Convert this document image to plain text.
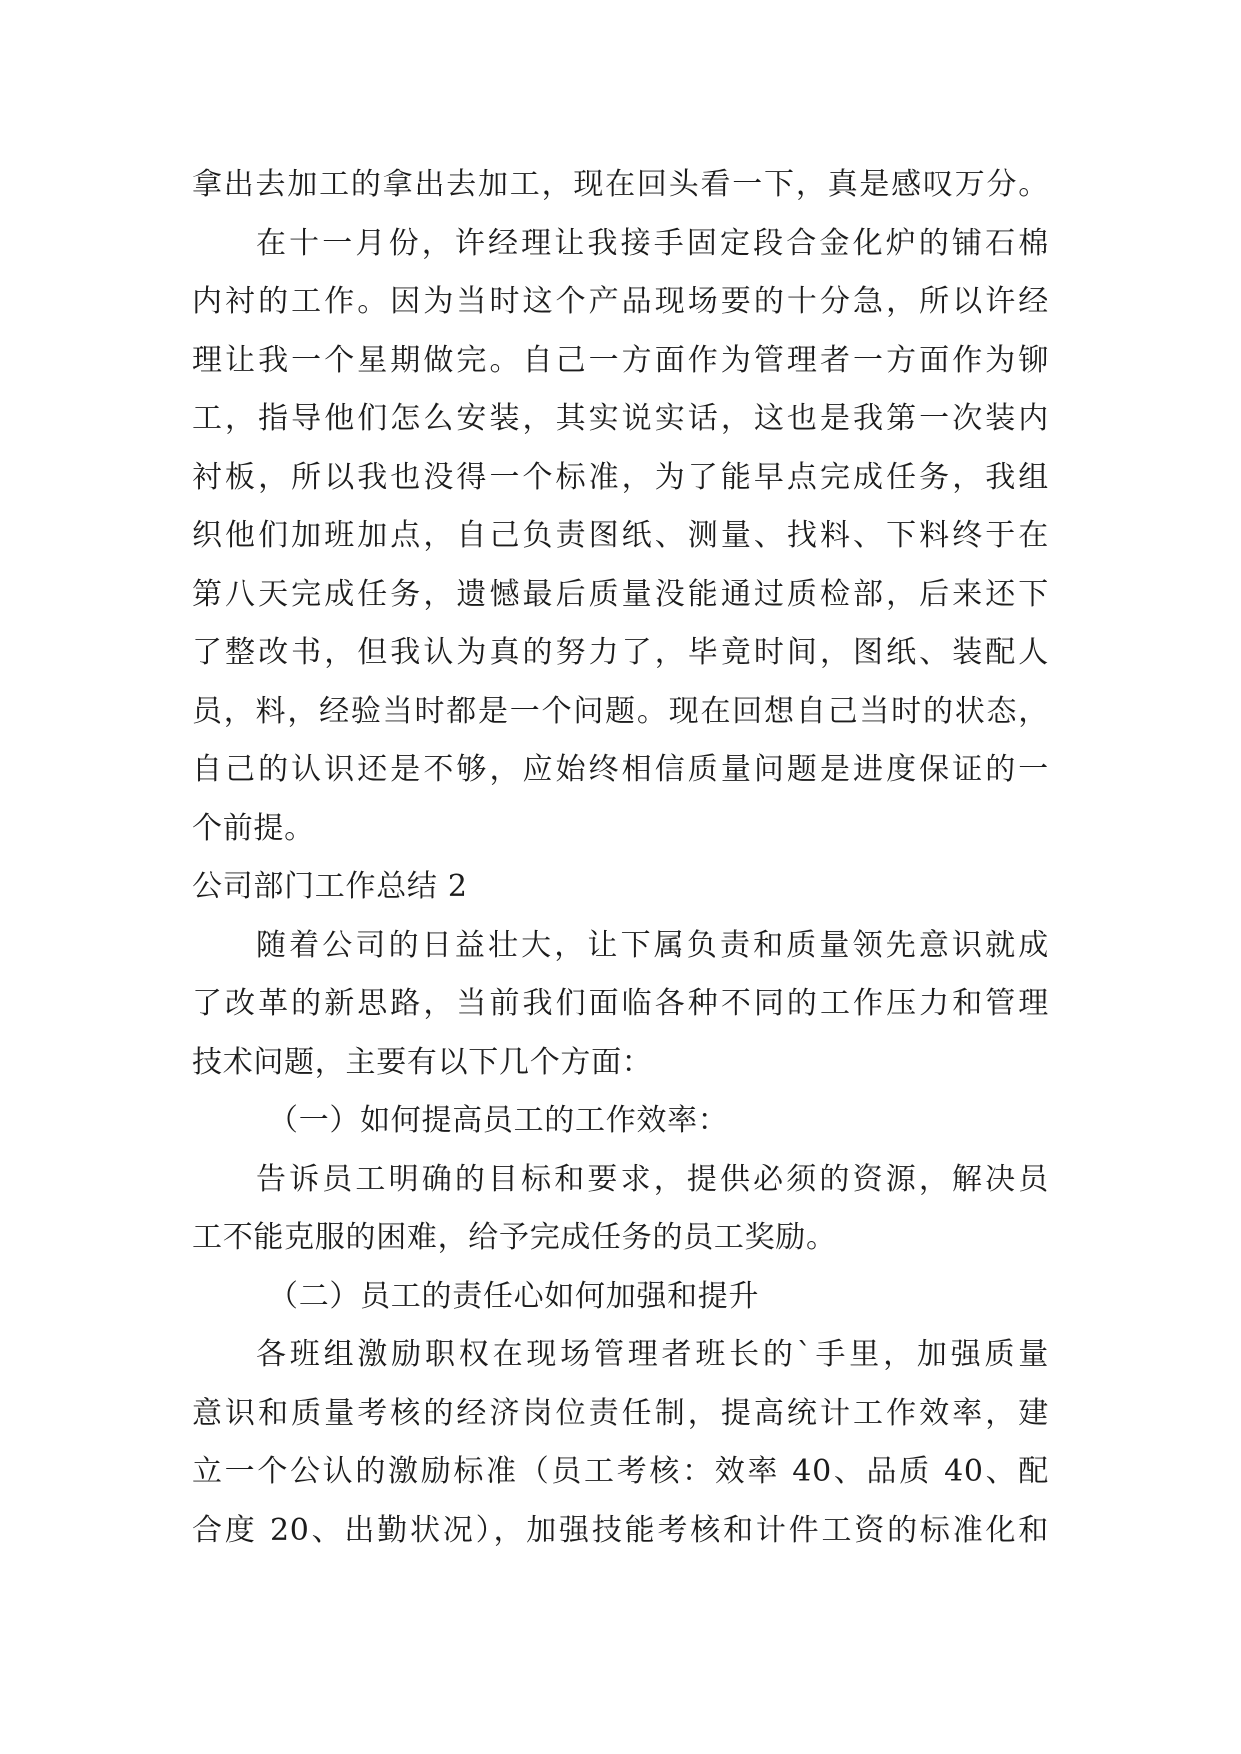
拿出去加工的拿出去加工，现在回头看一下，真是感叹万分。
在十一月份，许经理让我接手固定段合金化炉的铺石棉
内衬的工作。因为当时这个产品现场要的十分急，所以许经
理让我一个星期做完。自己一方面作为管理者一方面作为铆
工，指导他们怎么安装，其实说实话，这也是我第一次装内
衬板，所以我也没得一个标准，为了能早点完成任务，我组
织他们加班加点，自己负责图纸、测量、找料、下料终于在
第八天完成任务，遗憾最后质量没能通过质检部，后来还下
了整改书，但我认为真的努力了，毕竟时间，图纸、装配人
员，料，经验当时都是一个问题。现在回想自己当时的状态，
自己的认识还是不够，应始终相信质量问题是进度保证的一
个前提。
公司部门工作总结 2
随着公司的日益壮大，让下属负责和质量领先意识就成
了改革的新思路，当前我们面临各种不同的工作压力和管理
技术问题，主要有以下几个方面：
（一）如何提高员工的工作效率：
告诉员工明确的目标和要求，提供必须的资源，解决员
工不能克服的困难，给予完成任务的员工奖励。
（二）员工的责任心如何加强和提升
各班组激励职权在现场管理者班长的`手里，加强质量
意识和质量考核的经济岗位责任制，提高统计工作效率，建
立一个公认的激励标准（员工考核：效率 40、品质 40、配
合度 20、出勤状况），加强技能考核和计件工资的标准化和
